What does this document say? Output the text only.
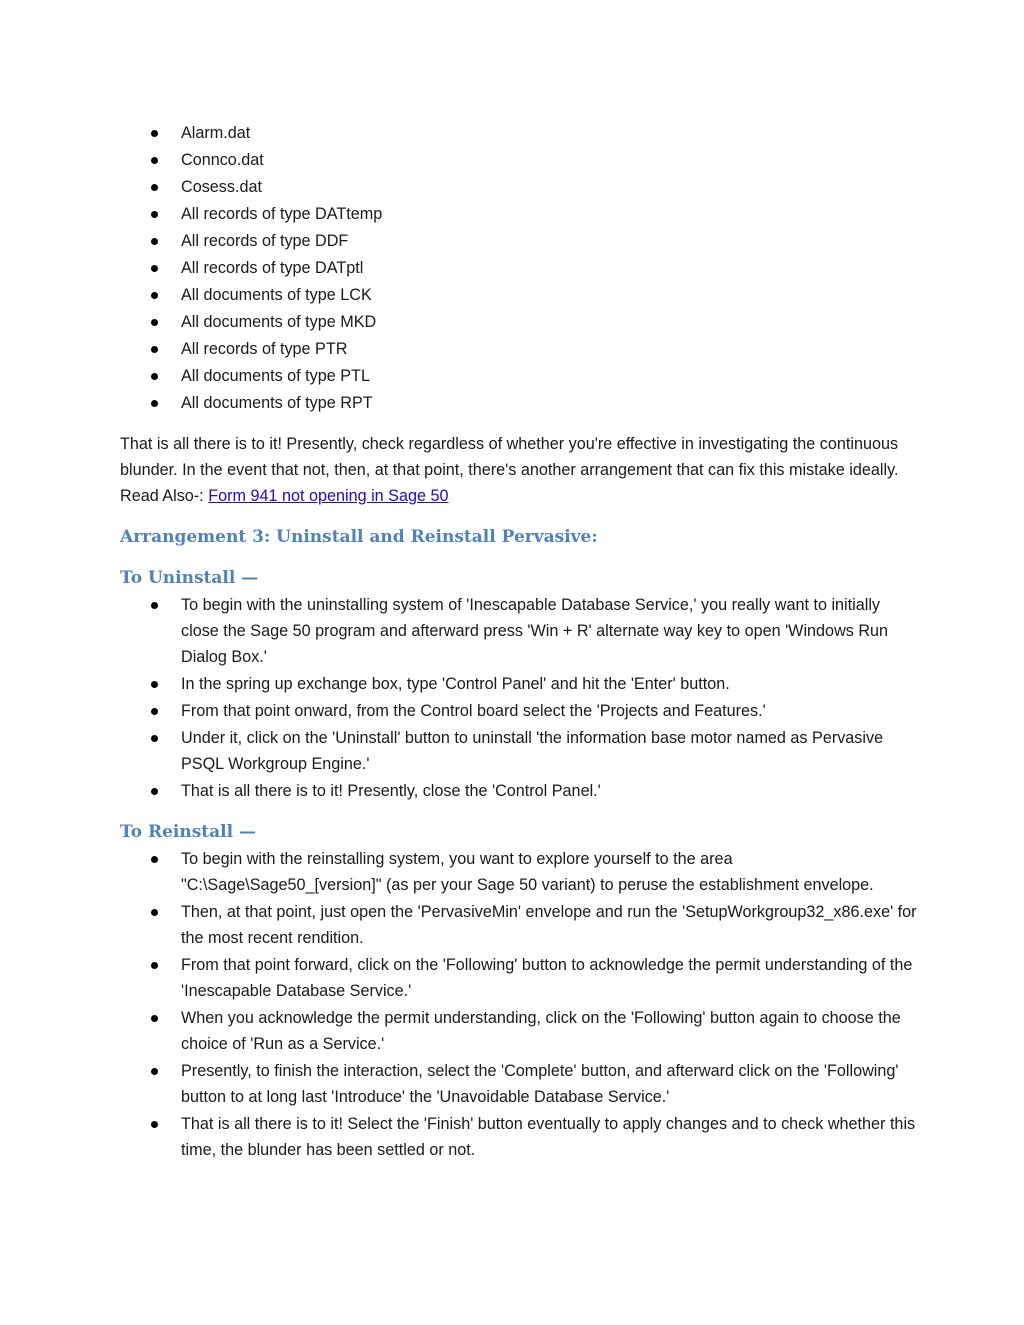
Alarm.dat
Connco.dat
Cosess.dat
All records of type DATtemp
All records of type DDF
All records of type DATptl
All documents of type LCK
All documents of type MKD
All records of type PTR
All documents of type PTL
All documents of type RPT

That is all there is to it! Presently, check regardless of whether you're effective in investigating the continuous blunder. In the event that not, then, at that point, there's another arrangement that can fix this mistake ideally. Read Also-: Form 941 not opening in Sage 50

Arrangement 3: Uninstall and Reinstall Pervasive:
To Uninstall —
To begin with the uninstalling system of 'Inescapable Database Service,' you really want to initially close the Sage 50 program and afterward press 'Win + R' alternate way key to open 'Windows Run Dialog Box.'
In the spring up exchange box, type 'Control Panel' and hit the 'Enter' button.
From that point onward, from the Control board select the 'Projects and Features.'
Under it, click on the 'Uninstall' button to uninstall 'the information base motor named as Pervasive PSQL Workgroup Engine.'
That is all there is to it! Presently, close the 'Control Panel.'
To Reinstall —
To begin with the reinstalling system, you want to explore yourself to the area "C:\Sage\Sage50_[version]" (as per your Sage 50 variant) to peruse the establishment envelope.
Then, at that point, just open the 'PervasiveMin' envelope and run the 'SetupWorkgroup32_x86.exe' for the most recent rendition.
From that point forward, click on the 'Following' button to acknowledge the permit understanding of the 'Inescapable Database Service.'
When you acknowledge the permit understanding, click on the 'Following' button again to choose the choice of 'Run as a Service.'
Presently, to finish the interaction, select the 'Complete' button, and afterward click on the 'Following' button to at long last 'Introduce' the 'Unavoidable Database Service.'
That is all there is to it! Select the 'Finish' button eventually to apply changes and to check whether this time, the blunder has been settled or not.
